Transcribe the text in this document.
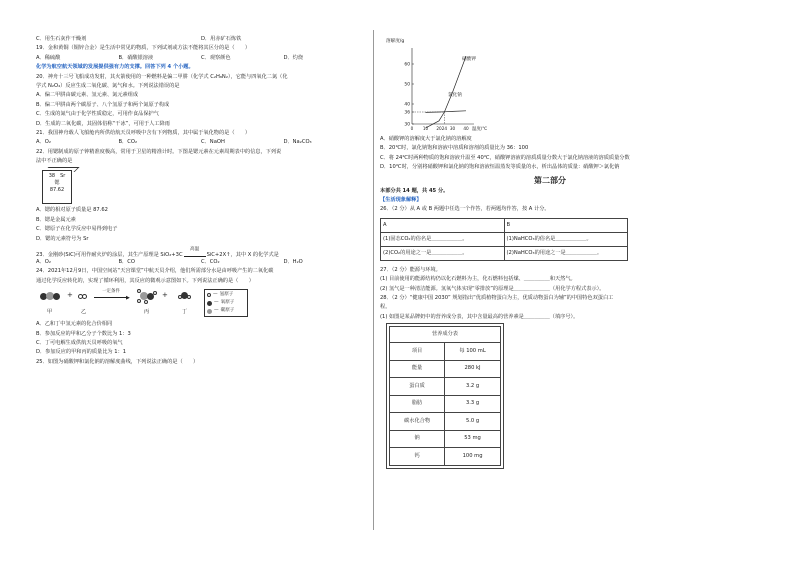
C．用生石灰作干燥剂	D．用赤矿石炼铁
19．金和黄铜（铜锌合金）是生活中常见的物质，下列试剂或方法不能将其区分的是（　　）
A．稀硫酸	B．硝酸银溶液	C．观察颜色	D．灼烧
化学为航空航天领域的发展提供强有力的支撑。回答下列 4 个小题。
20．神舟十三号飞船成功发射，其火箭使用的一种燃料是偏二甲肼（化学式 C₂H₈N₂），它能与四氧化二氮（化
学式 N₂O₄）反应生成二氧化碳、氮气和水。下列说法错误的是
A．偏二甲肼由碳元素、氢元素、氮元素组成
B．偏二甲肼由两个碳原子、八个氢原子和两个氮原子构成
C．生成的氮气由于化学性质稳定，可用作食品保护气
D．生成的二氧化碳，其固体俗称“干冰”，可用于人工降雨
21．我国神舟载人飞船舱内所供给航天员呼吸中含有下列物质，其中属于氧化物的是（　　）
A．O₂	B．CO₂	C．NaOH	D．Na₂CO₃
22．用锶制成的原子钟精准度极高，常用于卫星的精准计时。下图是锶元素在元素周期表中的信息，下列说
法中不正确的是
38　Sr
锶
87.62
A．锶的相对原子质量是 87.62
B．锶是金属元素
C．锶原子在化学反应中易得到电子
D．锶的元素符号为 Sr
23．金刚砂(SiC)可用作耐火炉的涂层，其生产原理是 SiO₂+3C
高温
SiC+2X↑，其中 X 的化学式是
A．O₂	B．CO	C．CO₂	D．H₂O
24．2021年12月9日，中国空间站“天宫课堂”中航天员介绍，他们所需部分水是由呼吸产生的二氧化碳
通过化学反应转化的，实现了循环利用，其反应的微观示意图如下。下列说法正确的是（　　）
+	一定条件
▶	+
甲	乙	丙	丁
— 氢原子
— 氧原子
— 碳原子
A．乙和丁中氢元素的化合价相同
B．参加反应的甲和乙分子个数比为 1：3
C．丁可电解生成供航天员呼吸的氧气
D．参加反应的甲和丙的质量比为 1：1
25．如图为硝酸钾和氯化钠的溶解度曲线，下列说法正确的是（　　）
溶解度/g
30
36
40
50
60
0 10 20 24 30 40 温度/℃
硝酸钾
氯化钠
A．硝酸钾的溶解度大于氯化钠的溶解度
B．20℃时，氯化钠饱和溶液中溶质和溶剂的质量比为 36：100
C．将 24℃时两种物质的饱和溶液升温至 40℃，硝酸钾溶液的溶质质量分数大于氯化钠溶液的溶质质量分数
D．10℃时，分别将硝酸钾和氯化钠的饱和溶液恒温蒸发等质量的水，析出晶体的质量：硝酸钾＞氯化钠
第二部分
本部分共 14 题，共 45 分。
【生活现象解释】
26．（2 分）从 A 或 B 两题中任选一个作答，若两题均作答，按 A 计分。
A	B
(1)固态CO₂的俗名是＿＿＿＿＿＿。	(1)NaHCO₃的俗名是＿＿＿＿＿＿。
(2)CO₂的用途之一是＿＿＿＿＿＿。	(2)NaHCO₃的用途之一是＿＿＿＿＿＿。
27．（2 分）能源与环境。
(1) 目前使用的能源结构仍以化石燃料为主，化石燃料包括煤、＿＿＿＿＿和天然气。
(2) 氢气是一种清洁能源。氢氧气体实现“零排放”的原理是＿＿＿＿＿＿＿（用化学方程式表示）。
28．（2 分）“健康中国 2030” 规划指出“优质植物蛋白为主，优质动物蛋白为辅”的中国特色双蛋白工
程。
(1) 如图是某品牌奶中的营养成分表，其中含量最高的营养素是＿＿＿＿＿（填序号）。
营养成分表	
项目	每 100 mL
能量	280 kJ
蛋白质	3.2 g
脂肪	3.3 g
碳水化合物	5.0 g
钠	53 mg
钙	100 mg
